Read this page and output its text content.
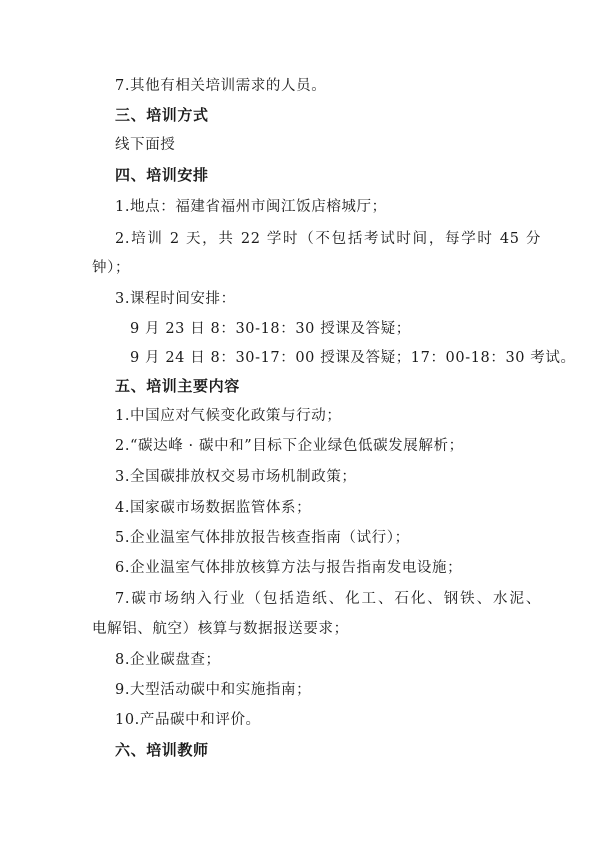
7.其他有相关培训需求的人员。
三、培训方式
线下面授
四、培训安排
1.地点：福建省福州市闽江饭店榕城厅；
2.培训 2 天，共 22 学时（不包括考试时间，每学时 45 分
钟）；
3.课程时间安排：
9 月 23 日 8：30-18：30 授课及答疑；
9 月 24 日 8：30-17：00 授课及答疑；17：00-18：30 考试。
五、培训主要内容
1.中国应对气候变化政策与行动；
2.“碳达峰 · 碳中和”目标下企业绿色低碳发展解析；
3.全国碳排放权交易市场机制政策；
4.国家碳市场数据监管体系；
5.企业温室气体排放报告核查指南（试行）；
6.企业温室气体排放核算方法与报告指南发电设施；
7.碳市场纳入行业（包括造纸、化工、石化、钢铁、水泥、
电解铝、航空）核算与数据报送要求；
8.企业碳盘查；
9.大型活动碳中和实施指南；
10.产品碳中和评价。
六、培训教师
